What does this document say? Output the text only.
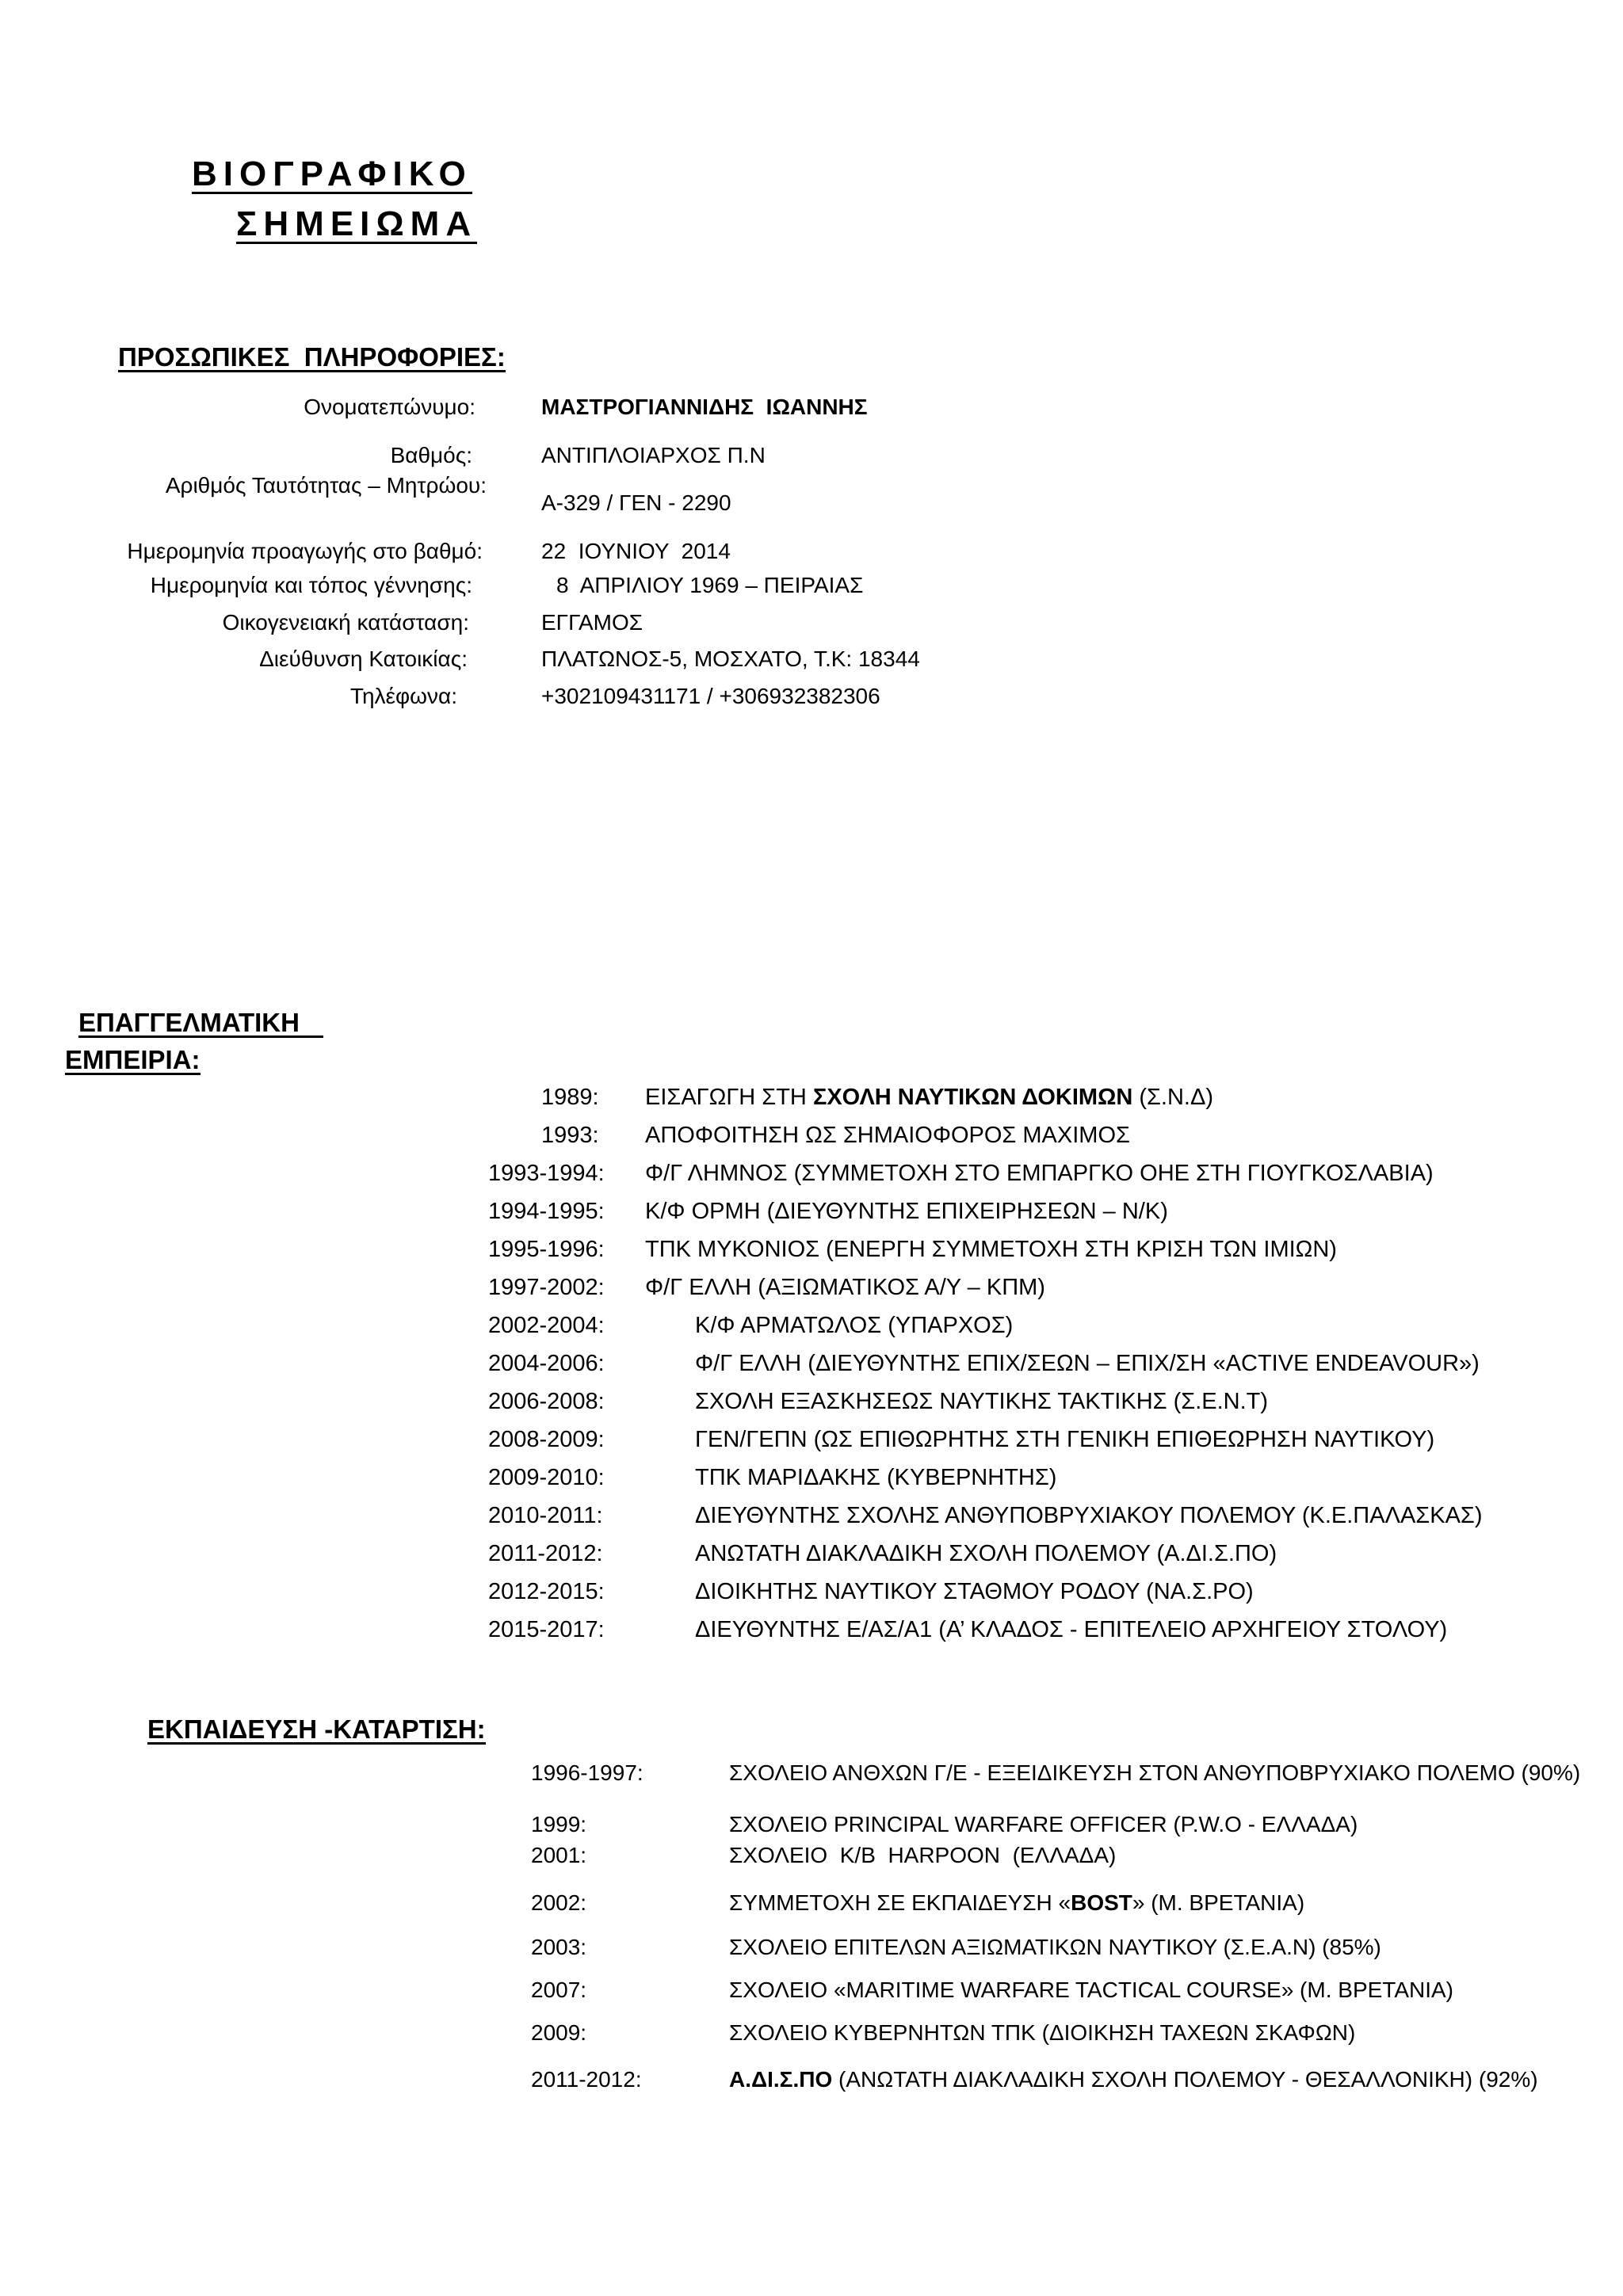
ΒΙΟΓΡΑΦΙΚΟ
ΣΗΜΕΙΩΜΑ
ΠΡΟΣΩΠΙΚΕΣ  ΠΛΗΡΟΦΟΡΙΕΣ:
Ονοματεπώνυμο:	ΜΑΣΤΡΟΓΙΑΝΝΙΔΗΣ  ΙΩΑΝΝΗΣ
Βαθμός:	ΑΝΤΙΠΛΟΙΑΡΧΟΣ Π.Ν
Αριθμός Ταυτότητας – Μητρώου:
Α-329 / ΓΕΝ - 2290
Ημερομηνία προαγωγής στο βαθμό:	22  ΙΟΥΝΙΟΥ  2014
Ημερομηνία και τόπος γέννησης:	8  ΑΠΡΙΛΙΟΥ 1969 – ΠΕΙΡΑΙΑΣ
Οικογενειακή κατάσταση:	ΕΓΓΑΜΟΣ
Διεύθυνση Κατοικίας:	ΠΛΑΤΩΝΟΣ-5, ΜΟΣΧΑΤΟ, Τ.Κ: 18344
Τηλέφωνα:	+302109431171 / +306932382306
ΕΠΑΓΓΕΛΜΑΤΙΚΗ
ΕΜΠΕΙΡΙΑ:
1989: ΕΙΣΑΓΩΓΗ ΣΤΗ ΣΧΟΛΗ ΝΑΥΤΙΚΩΝ ΔΟΚΙΜΩΝ (Σ.Ν.Δ)
1993: ΑΠΟΦΟΙΤΗΣΗ ΩΣ ΣΗΜΑΙΟΦΟΡΟΣ ΜΑΧΙΜΟΣ
1993-1994: Φ/Γ ΛΗΜΝΟΣ (ΣΥΜΜΕΤΟΧΗ ΣΤΟ ΕΜΠΑΡΓΚΟ ΟΗΕ ΣΤΗ ΓΙΟΥΓΚΟΣΛΑΒΙΑ)
1994-1995: Κ/Φ ΟΡΜΗ (ΔΙΕΥΘΥΝΤΗΣ ΕΠΙΧΕΙΡΗΣΕΩΝ – Ν/Κ)
1995-1996: ΤΠΚ ΜΥΚΟΝΙΟΣ (ΕΝΕΡΓΗ ΣΥΜΜΕΤΟΧΗ ΣΤΗ ΚΡΙΣΗ ΤΩΝ ΙΜΙΩΝ)
1997-2002: Φ/Γ ΕΛΛΗ (ΑΞΙΩΜΑΤΙΚΟΣ Α/Υ – ΚΠΜ)
2002-2004:	Κ/Φ ΑΡΜΑΤΩΛΟΣ (ΥΠΑΡΧΟΣ)
2004-2006:	Φ/Γ ΕΛΛΗ (ΔΙΕΥΘΥΝΤΗΣ ΕΠΙΧ/ΣΕΩΝ – ΕΠΙΧ/ΣΗ «ACTIVE ENDEAVOUR»)
2006-2008:	ΣΧΟΛΗ ΕΞΑΣΚΗΣΕΩΣ ΝΑΥΤΙΚΗΣ ΤΑΚΤΙΚΗΣ (Σ.Ε.Ν.Τ)
2008-2009:	ΓΕΝ/ΓΕΠΝ (ΩΣ ΕΠΙΘΩΡΗΤΗΣ ΣΤΗ ΓΕΝΙΚΗ ΕΠΙΘΕΩΡΗΣΗ ΝΑΥΤΙΚΟΥ)
2009-2010:	ΤΠΚ ΜΑΡΙΔΑΚΗΣ (ΚΥΒΕΡΝΗΤΗΣ)
2010-2011:	ΔΙΕΥΘΥΝΤΗΣ ΣΧΟΛΗΣ ΑΝΘΥΠΟΒΡΥΧΙΑΚΟΥ ΠΟΛΕΜΟΥ (Κ.Ε.ΠΑΛΑΣΚΑΣ)
2011-2012:	ΑΝΩΤΑΤΗ ΔΙΑΚΛΑΔΙΚΗ ΣΧΟΛΗ ΠΟΛΕΜΟΥ (Α.ΔΙ.Σ.ΠΟ)
2012-2015:	ΔΙΟΙΚΗΤΗΣ ΝΑΥΤΙΚΟΥ ΣΤΑΘΜΟΥ ΡΟΔΟΥ (ΝΑ.Σ.ΡΟ)
2015-2017:	ΔΙΕΥΘΥΝΤΗΣ Ε/ΑΣ/Α1 (Α’ ΚΛΑΔΟΣ - ΕΠΙΤΕΛΕΙΟ ΑΡΧΗΓΕΙΟΥ ΣΤΟΛΟΥ)
ΕΚΠΑΙΔΕΥΣΗ -ΚΑΤΑΡΤΙΣΗ:
1996-1997:	ΣΧΟΛΕΙΟ ΑΝΘΧΩΝ Γ/Ε - ΕΞΕΙΔΙΚΕΥΣΗ ΣΤΟΝ ΑΝΘΥΠΟΒΡΥΧΙΑΚΟ ΠΟΛΕΜΟ (90%)
1999:	ΣΧΟΛΕΙΟ PRINCIPAL WARFARE OFFICER (P.W.O - ΕΛΛΑΔΑ)
2001:	ΣΧΟΛΕΙΟ  Κ/Β  HARPOON  (ΕΛΛΑΔΑ)
2002:	ΣΥΜΜΕΤΟΧΗ ΣΕ ΕΚΠΑΙΔΕΥΣΗ «BOST» (Μ. ΒΡΕΤΑΝΙΑ)
2003:	ΣΧΟΛΕΙΟ ΕΠΙΤΕΛΩΝ ΑΞΙΩΜΑΤΙΚΩΝ ΝΑΥΤΙΚΟΥ (Σ.Ε.Α.Ν) (85%)
2007:	ΣΧΟΛΕΙΟ «MARITIME WARFARE TACTICAL COURSE» (Μ. ΒΡΕΤΑΝΙΑ)
2009:	ΣΧΟΛΕΙΟ ΚΥΒΕΡΝΗΤΩΝ ΤΠΚ (ΔΙΟΙΚΗΣΗ ΤΑΧΕΩΝ ΣΚΑΦΩΝ)
2011-2012:	Α.ΔΙ.Σ.ΠΟ (ΑΝΩΤΑΤΗ ΔΙΑΚΛΑΔΙΚΗ ΣΧΟΛΗ ΠΟΛΕΜΟΥ - ΘΕΣΑΛΛΟΝΙΚΗ) (92%)
